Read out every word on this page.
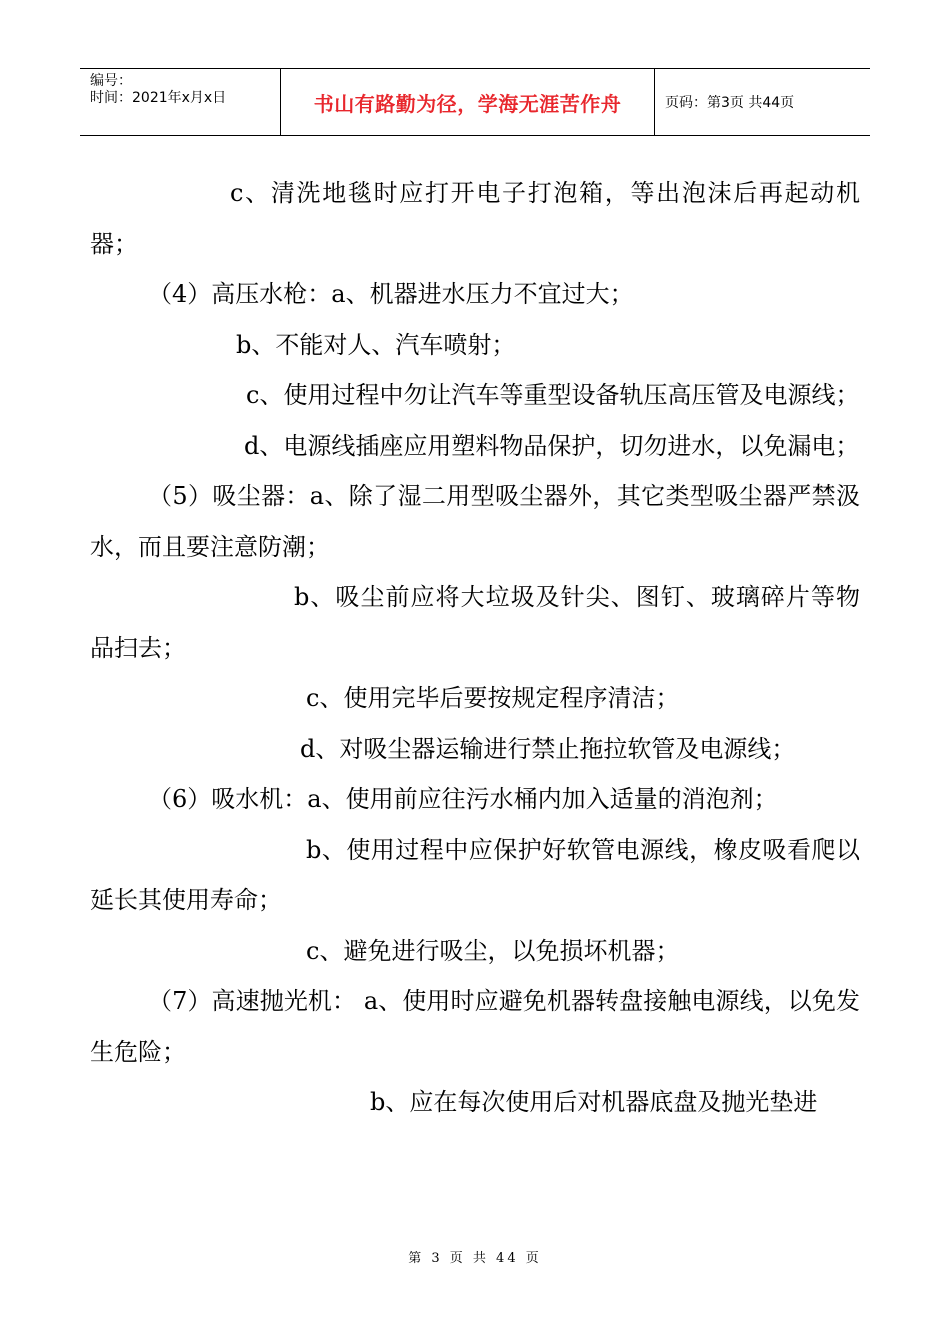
编号：
时间：2021年x月x日	书山有路勤为径，学海无涯苦作舟	页码：第3页 共44页

c、清洗地毯时应打开电子打泡箱，等出泡沫后再起动机器；

（4）高压水枪：a、机器进水压力不宜过大；

b、不能对人、汽车喷射；

c、使用过程中勿让汽车等重型设备轨压高压管及电源线；

d、电源线插座应用塑料物品保护，切勿进水，以免漏电；

（5）吸尘器：a、除了湿二用型吸尘器外，其它类型吸尘器严禁汲水，而且要注意防潮；

b、吸尘前应将大垃圾及针尖、图钉、玻璃碎片等物品扫去；

c、使用完毕后要按规定程序清洁；

d、对吸尘器运输进行禁止拖拉软管及电源线；

（6）吸水机：a、使用前应往污水桶内加入适量的消泡剂；

b、使用过程中应保护好软管电源线，橡皮吸看爬以延长其使用寿命；

c、避免进行吸尘，以免损坏机器；

（7）高速抛光机： a、使用时应避免机器转盘接触电源线，以免发生危险；

b、应在每次使用后对机器底盘及抛光垫进

第 3 页 共 44 页
